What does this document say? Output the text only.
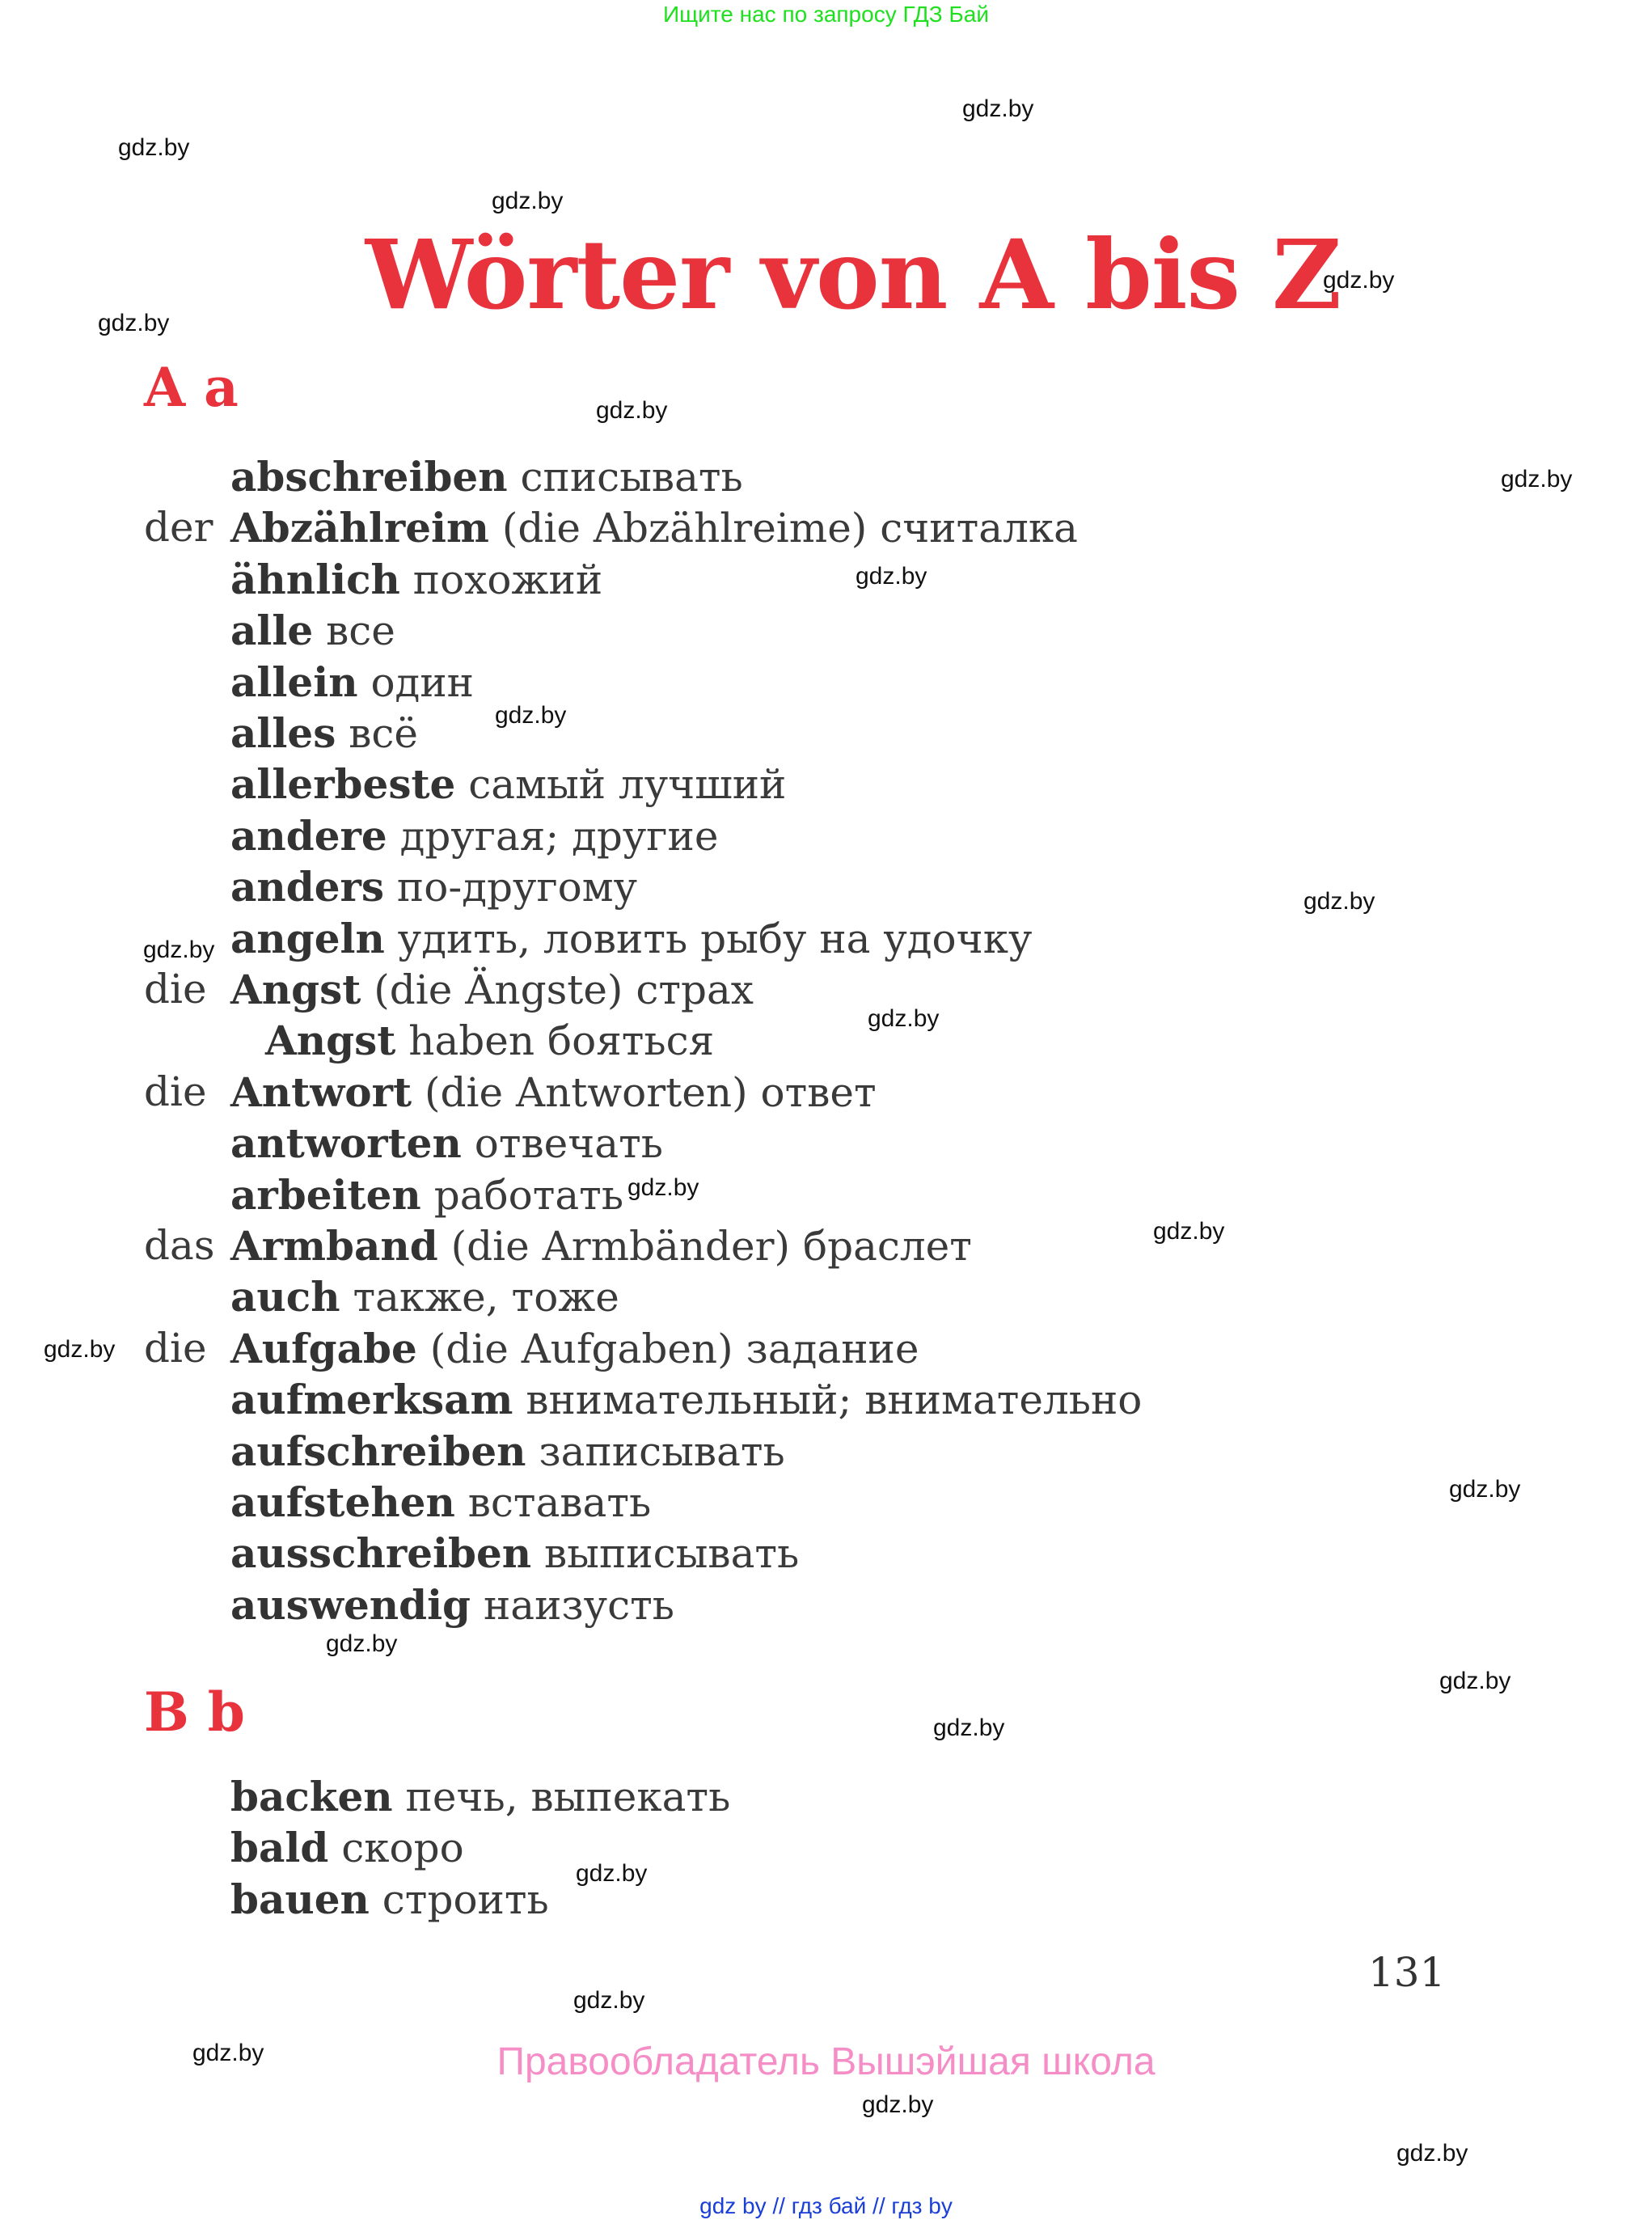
Ищите нас по запросу ГДЗ Бай
gdz.by
gdz.by
gdz.by
gdz.by
gdz.by
gdz.by
gdz.by
gdz.by
gdz.by
gdz.by
gdz.by
gdz.by
gdz.by
gdz.by
gdz.by
gdz.by
gdz.by
gdz.by
gdz.by
gdz.by
gdz.by
gdz.by
gdz.by
gdz.by
Wörter von A bis Z
A a
abschreiben списывать
der Abzählreim (die Abzählreime) считалка
ähnlich похожий
alle все
allein один
alles всё
allerbeste самый лучший
andere другая; другие
anders по-другому
angeln удить, ловить рыбу на удочку
die Angst (die Ängste) страх
Angst haben бояться
die Antwort (die Antworten) ответ
antworten отвечать
arbeiten работать
das Armband (die Armbänder) браслет
auch также, тоже
die Aufgabe (die Aufgaben) задание
aufmerksam внимательный; внимательно
aufschreiben записывать
aufstehen вставать
ausschreiben выписывать
auswendig наизусть
B b
backen печь, выпекать
bald скоро
bauen строить
131
Правообладатель Вышэйшая школа
gdz by // гдз бай // гдз by
